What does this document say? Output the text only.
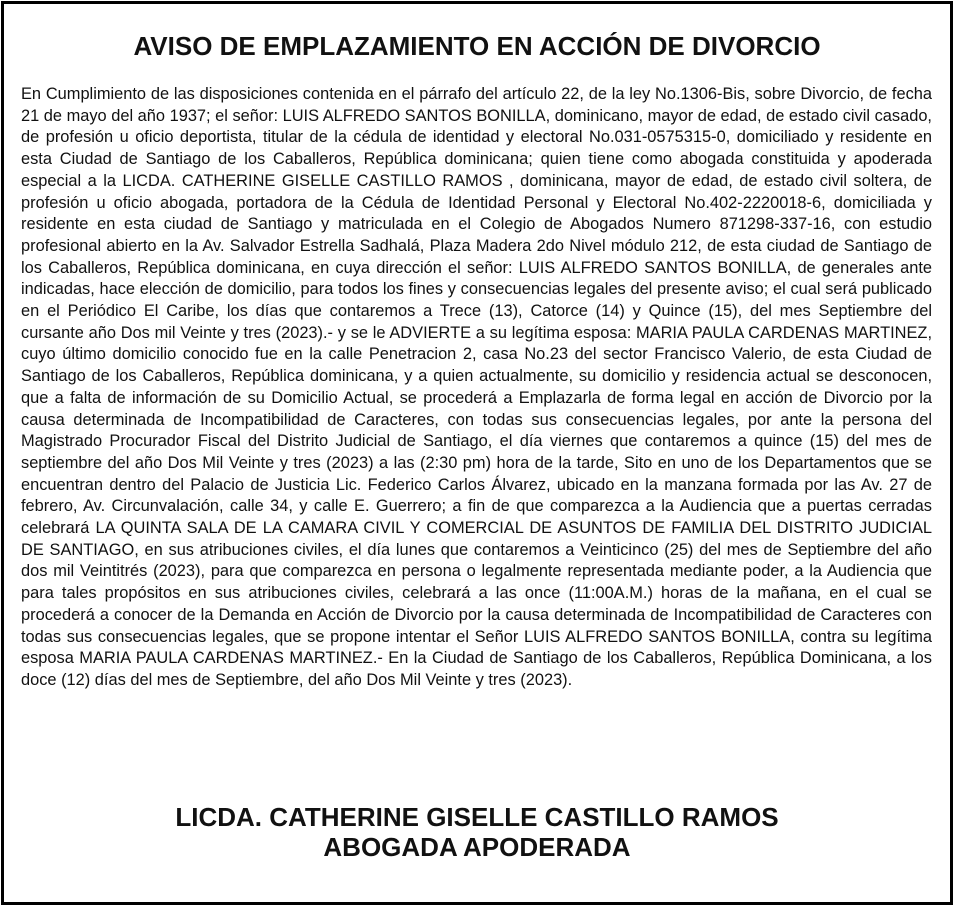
AVISO DE EMPLAZAMIENTO EN ACCIÓN DE DIVORCIO

En Cumplimiento de las disposiciones contenida en el párrafo del artículo 22, de la ley No.1306-Bis, sobre Divorcio, de fecha 21 de mayo del año 1937; el señor: LUIS ALFREDO SANTOS BONILLA, dominicano, mayor de edad, de estado civil casado, de profesión u oficio deportista, titular de la cédula de identidad y electoral No.031-0575315-0, domiciliado y residente en esta Ciudad de Santiago de los Caballeros, República dominicana; quien tiene como abogada constituida y apoderada especial a la LICDA. CATHERINE GISELLE CASTILLO RAMOS , dominicana, mayor de edad, de estado civil soltera, de profesión u oficio abogada, portadora de la Cédula de Identidad Personal y Electoral No.402-2220018-6, domiciliada y residente en esta ciudad de Santiago y matriculada en el Colegio de Abogados Numero 871298-337-16, con estudio profesional abierto en la Av. Salvador Estrella Sadhalá, Plaza Madera 2do Nivel módulo 212, de esta ciudad de Santiago de los Caballeros, República dominicana, en cuya dirección el señor: LUIS ALFREDO SANTOS BONILLA, de generales ante indicadas, hace elección de domicilio, para todos los fines y consecuencias legales del presente aviso; el cual será publicado en el Periódico El Caribe, los días que contaremos a Trece (13), Catorce (14) y Quince (15), del mes Septiembre del cursante año Dos mil Veinte y tres (2023).- y se le ADVIERTE a su legítima esposa: MARIA PAULA CARDENAS MARTINEZ, cuyo último domicilio conocido fue en la calle Penetracion 2, casa No.23 del sector Francisco Valerio, de esta Ciudad de Santiago de los Caballeros, República dominicana, y a quien actualmente, su domicilio y residencia actual se desconocen, que a falta de información de su Domicilio Actual, se procederá a Emplazarla de forma legal en acción de Divorcio por la causa determinada de Incompatibilidad de Caracteres, con todas sus consecuencias legales, por ante la persona del Magistrado Procurador Fiscal del Distrito Judicial de Santiago, el día viernes que contaremos a quince (15) del mes de septiembre del año Dos Mil Veinte y tres (2023) a las (2:30 pm) hora de la tarde, Sito en uno de los Departamentos que se encuentran dentro del Palacio de Justicia Lic. Federico Carlos Álvarez, ubicado en la manzana formada por las Av. 27 de febrero, Av. Circunvalación, calle 34, y calle E. Guerrero; a fin de que comparezca a la Audiencia que a puertas cerradas celebrará LA QUINTA SALA DE LA CAMARA CIVIL Y COMERCIAL DE ASUNTOS DE FAMILIA DEL DISTRITO JUDICIAL DE SANTIAGO, en sus atribuciones civiles, el día lunes que contaremos a Veinticinco (25) del mes de Septiembre del año dos mil Veintitrés (2023), para que comparezca en persona o legalmente representada mediante poder, a la Audiencia que para tales propósitos en sus atribuciones civiles, celebrará a las once (11:00A.M.) horas de la mañana, en el cual se procederá a conocer de la Demanda en Acción de Divorcio por la causa determinada de Incompatibilidad de Caracteres con todas sus consecuencias legales, que se propone intentar el Señor LUIS ALFREDO SANTOS BONILLA, contra su legítima esposa MARIA PAULA CARDENAS MARTINEZ.- En la Ciudad de Santiago de los Caballeros, República Dominicana, a los doce (12) días del mes de Septiembre, del año Dos Mil Veinte y tres (2023).

LICDA. CATHERINE GISELLE CASTILLO RAMOS
ABOGADA APODERADA
